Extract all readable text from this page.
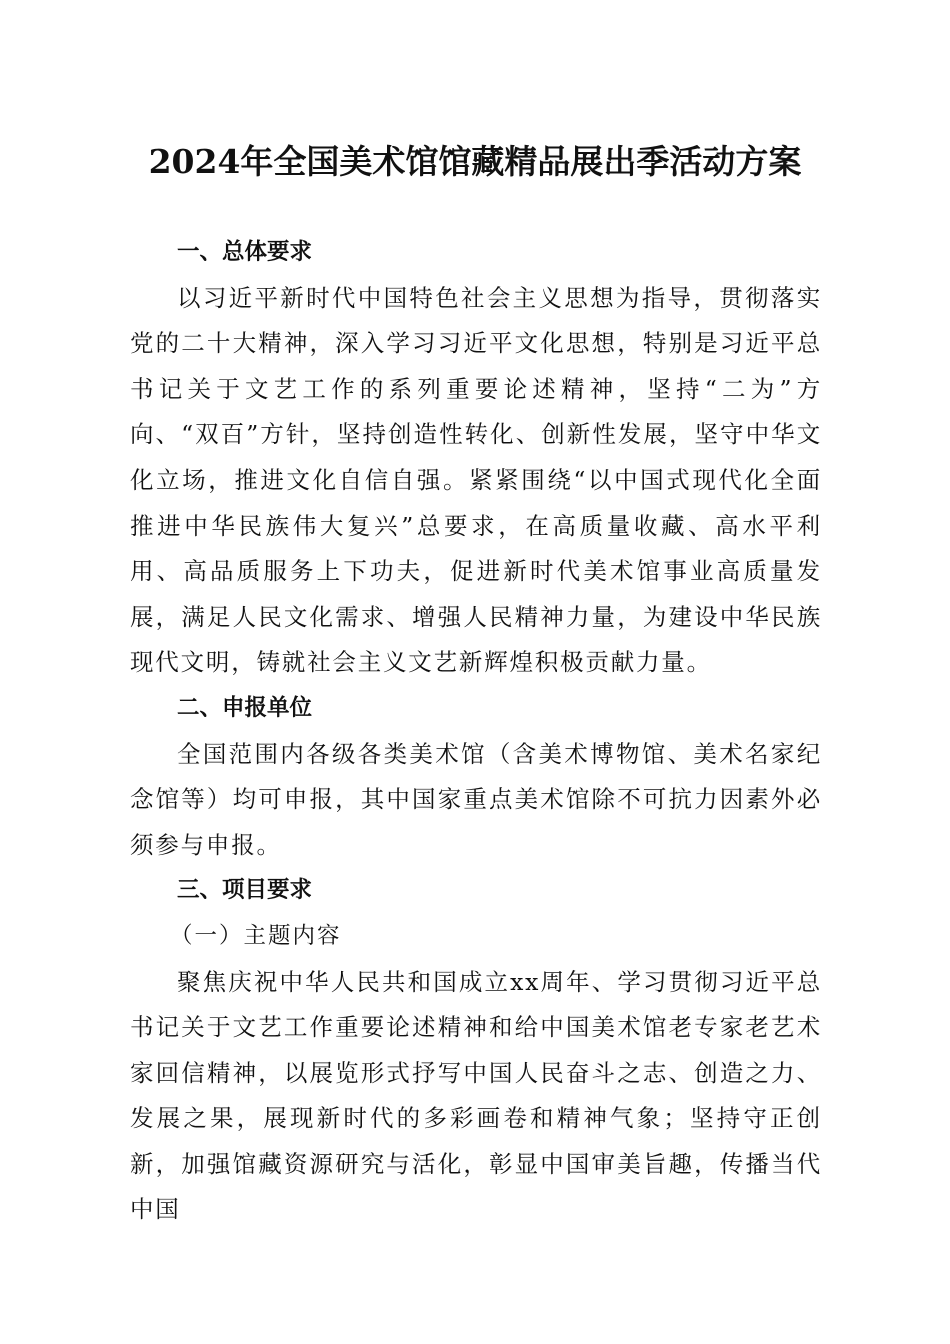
2024年全国美术馆馆藏精品展出季活动方案
一、总体要求

以习近平新时代中国特色社会主义思想为指导，贯彻落实党的二十大精神，深入学习习近平文化思想，特别是习近平总书记关于文艺工作的系列重要论述精神，坚持“二为”方向、“双百”方针，坚持创造性转化、创新性发展，坚守中华文化立场，推进文化自信自强。紧紧围绕“以中国式现代化全面推进中华民族伟大复兴”总要求，在高质量收藏、高水平利用、高品质服务上下功夫，促进新时代美术馆事业高质量发展，满足人民文化需求、增强人民精神力量，为建设中华民族现代文明，铸就社会主义文艺新辉煌积极贡献力量。

二、申报单位

全国范围内各级各类美术馆（含美术博物馆、美术名家纪念馆等）均可申报，其中国家重点美术馆除不可抗力因素外必须参与申报。

三、项目要求
（一）主题内容

聚焦庆祝中华人民共和国成立xx周年、学习贯彻习近平总书记关于文艺工作重要论述精神和给中国美术馆老专家老艺术家回信精神，以展览形式抒写中国人民奋斗之志、创造之力、发展之果，展现新时代的多彩画卷和精神气象；坚持守正创新，加强馆藏资源研究与活化，彰显中国审美旨趣，传播当代中国
